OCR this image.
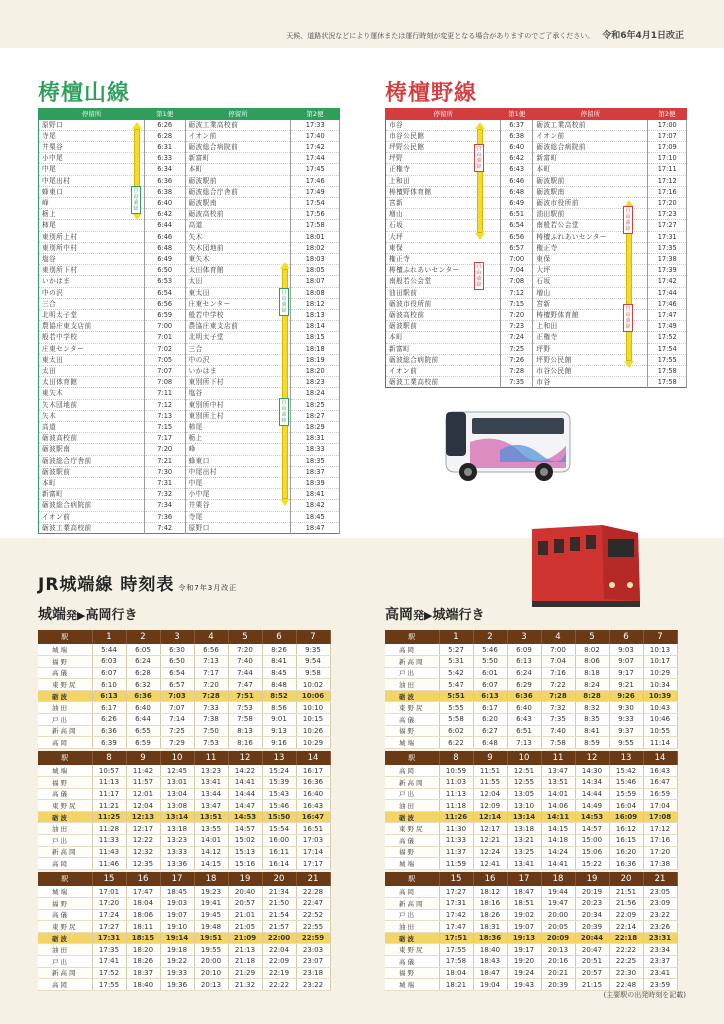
天候、道路状況などにより運休または運行時刻が変更となる場合がありますのでご了承ください。 令和6年4月1日改正
梼檀山線
停留所	第1便	停留所	第2便
原野口	6:26	砺波工業高校前	17:33
寺尾	6:28	イオン前	17:40
井栗谷	6:31	砺波総合病院前	17:42
小中尾	6:33	新富町	17:44
中尾	6:34	本町	17:45
中尾出村	6:36	砺波駅前	17:46
蜂東口	6:38	砺波総合庁舎前	17:49
峰	6:40	砺波駅南	17:54
栃上	6:42	砺波高校前	17:56
柿尾	6:44	高道	17:58
東別所上村	6:46	矢木	18:01
東別所中村	6:48	矢木団地前	18:02
塩谷	6:49	東矢木	18:03
東別所下村	6:50	太田体育館	18:05
いかはま	6:53	太田	18:07
中の沢	6:54	東太田	18:08
三合	6:56	庄東センター	18:12
北明太子堂	6:59	般若中学校	18:13
農協庄東支店前	7:00	農協庄東支店前	18:14
般若中学校	7:01	北明太子堂	18:15
庄東センター	7:02	三合	18:18
東太田	7:05	中の沢	18:19
太田	7:07	いかはま	18:20
太田体育館	7:08	東別所下村	18:23
東矢木	7:11	塩谷	18:24
矢木団地前	7:12	東別所中村	18:25
矢木	7:13	東別所上村	18:27
高道	7:15	柿尾	18:29
砺波高校前	7:17	栃上	18:31
砺波駅南	7:20	峰	18:33
砺波総合庁舎前	7:21	蜂東口	18:35
砺波駅前	7:30	中尾出村	18:37
本町	7:31	中尾	18:39
新富町	7:32	小中尾	18:41
砺波総合病院前	7:34	井栗谷	18:42
イオン前	7:36	寺尾	18:45
砺波工業高校前	7:42	原野口	18:47
梼檀野線
停留所	第1便	停留所	第2便
市谷	6:37	砺波工業高校前	17:00
市谷公民館	6:38	イオン前	17:07
坪野公民館	6:40	砺波総合病院前	17:09
坪野	6:42	新富町	17:10
正権寺	6:43	本町	17:11
上和田	6:46	砺波駅前	17:12
梼檀野体育館	6:48	砺波駅南	17:16
宮新	6:49	砺波市役所前	17:20
増山	6:51	油田駅前	17:23
石坂	6:54	南般若公会堂	17:27
大坪	6:56	梼檀ふれあいセンター	17:31
東保	6:57	権正寺	17:35
権正寺	7:00	東保	17:38
梼檀ふれあいセンター	7:04	大坪	17:39
南般若公会堂	7:08	石坂	17:42
油田駅前	7:12	増山	17:44
砺波市役所前	7:15	宮新	17:46
砺波高校前	7:20	梼檀野体育館	17:47
砺波駅前	7:23	上和田	17:49
本町	7:24	正権寺	17:52
新富町	7:25	坪野	17:54
砺波総合病院前	7:26	坪野公民館	17:55
イオン前	7:28	市谷公民館	17:58
砺波工業高校前	7:35	市谷	17:58
自由乗降
自由乗降
自由乗降
自由乗降
自由乗降
自由乗降
自由乗降
JR城端線 時刻表 令和7年3月改正
城端発▶高岡行き	高岡発▶城端行き
駅	1	2	3	4	5	6	7
城端	5:44	6:05	6:30	6:56	7:20	8:26	9:35
福野	6:03	6:24	6:50	7:13	7:40	8:41	9:54
高儀	6:07	6:28	6:54	7:17	7:44	8:45	9:58
東野尻	6:10	6:32	6:57	7:20	7:47	8:48	10:02
砺波	6:13	6:36	7:03	7:28	7:51	8:52	10:06
油田	6:17	6:40	7:07	7:33	7:53	8:56	10:10
戸出	6:26	6:44	7:14	7:38	7:58	9:01	10:15
新高岡	6:36	6:55	7:25	7:50	8:13	9:13	10:26
高岡	6:39	6:59	7:29	7:53	8:16	9:16	10:29
駅	8	9	10	11	12	13	14
城端	10:57	11:42	12:45	13:23	14:22	15:24	16:17
福野	11:13	11:57	13:01	13:41	14:41	15:39	16:36
高儀	11:17	12:01	13:04	13:44	14:44	15:43	16:40
東野尻	11:21	12:04	13:08	13:47	14:47	15:46	16:43
砺波	11:25	12:13	13:14	13:51	14:53	15:50	16:47
油田	11:28	12:17	13:18	13:55	14:57	15:54	16:51
戸出	11:33	12:22	13:23	14:01	15:02	16:00	17:03
新高岡	11:43	12:32	13:33	14:12	15:13	16:11	17:14
高岡	11:46	12:35	13:36	14:15	15:16	16:14	17:17
駅	15	16	17	18	19	20	21
城端	17:01	17:47	18:45	19:23	20:40	21:34	22:28
福野	17:20	18:04	19:03	19:41	20:57	21:50	22:47
高儀	17:24	18:06	19:07	19:45	21:01	21:54	22:52
東野尻	17:27	18:11	19:10	19:48	21:05	21:57	22:55
砺波	17:31	18:15	19:14	19:51	21:09	22:00	22:59
油田	17:35	18:20	19:18	19:55	21:13	22:04	23:03
戸出	17:41	18:26	19:22	20:00	21:18	22:09	23:07
新高岡	17:52	18:37	19:33	20:10	21:29	22:19	23:18
高岡	17:55	18:40	19:36	20:13	21:32	22:22	23:22
駅	1	2	3	4	5	6	7
高岡	5:27	5:46	6:09	7:00	8:02	9:03	10:13
新高岡	5:31	5:50	6:13	7:04	8:06	9:07	10:17
戸出	5:42	6:01	6:24	7:16	8:18	9:17	10:29
油田	5:47	6:07	6:29	7:22	8:24	9:21	10:34
砺波	5:51	6:13	6:36	7:28	8:28	9:26	10:39
東野尻	5:55	6:17	6:40	7:32	8:32	9:30	10:43
高儀	5:58	6:20	6:43	7:35	8:35	9:33	10:46
福野	6:02	6:27	6:51	7:40	8:41	9:37	10:55
城端	6:22	6:48	7:13	7:58	8:59	9:55	11:14
駅	8	9	10	11	12	13	14
高岡	10:59	11:51	12:51	13:47	14:30	15:42	16:43
新高岡	11:03	11:55	12:55	13:51	14:34	15:46	16:47
戸出	11:13	12:04	13:05	14:01	14:44	15:59	16:59
油田	11:18	12:09	13:10	14:06	14:49	16:04	17:04
砺波	11:26	12:14	13:14	14:11	14:53	16:09	17:08
東野尻	11:30	12:17	13:18	14:15	14:57	16:12	17:12
高儀	11:33	12:21	13:21	14:18	15:00	16:15	17:16
福野	11:37	12:24	13:25	14:24	15:06	16:20	17:20
城端	11:59	12:41	13:41	14:41	15:22	16:36	17:38
駅	15	16	17	18	19	20	21
高岡	17:27	18:12	18:47	19:44	20:19	21:51	23:05
新高岡	17:31	18:16	18:51	19:47	20:23	21:56	23:09
戸出	17:42	18:26	19:02	20:00	20:34	22:09	23:22
油田	17:47	18:31	19:07	20:05	20:39	22:14	23:26
砺波	17:51	18:36	19:13	20:09	20:44	22:18	23:31
東野尻	17:55	18:40	19:17	20:13	20:47	22:22	23:34
高儀	17:58	18:43	19:20	20:16	20:51	22:25	23:37
福野	18:04	18:47	19:24	20:21	20:57	22:30	23:41
城端	18:21	19:04	19:43	20:39	21:15	22:48	23:59
(主要駅の出発時刻を記載)
